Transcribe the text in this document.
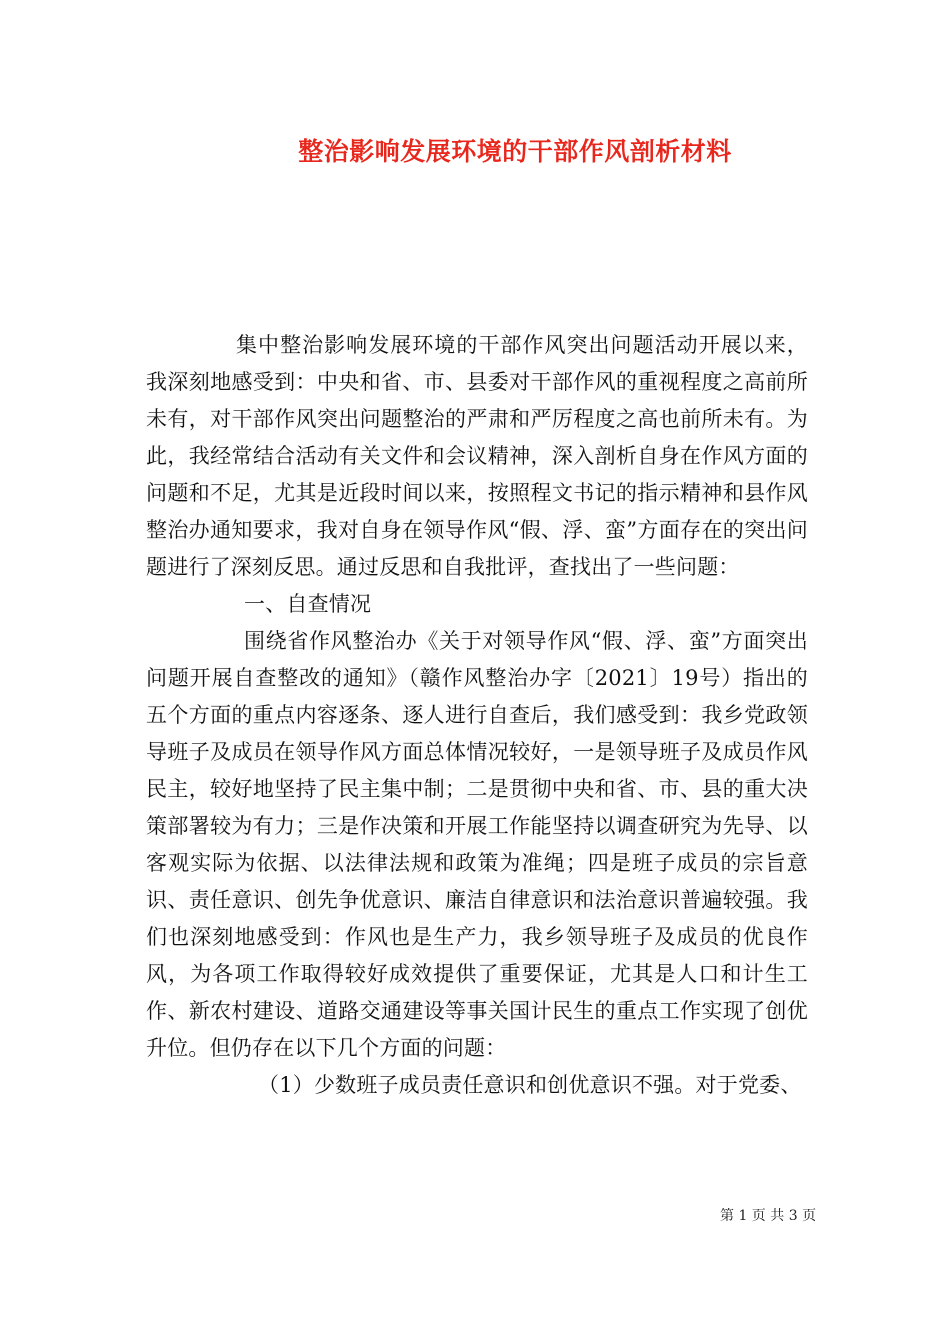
整治影响发展环境的干部作风剖析材料

集中整治影响发展环境的干部作风突出问题活动开展以来，我深刻地感受到：中央和省、市、县委对干部作风的重视程度之高前所未有，对干部作风突出问题整治的严肃和严厉程度之高也前所未有。为此，我经常结合活动有关文件和会议精神，深入剖析自身在作风方面的问题和不足，尤其是近段时间以来，按照程文书记的指示精神和县作风整治办通知要求，我对自身在领导作风“假、浮、蛮”方面存在的突出问题进行了深刻反思。通过反思和自我批评，查找出了一些问题：

一、自查情况

围绕省作风整治办《关于对领导作风“假、浮、蛮”方面突出问题开展自查整改的通知》（赣作风整治办字〔2021〕19号）指出的五个方面的重点内容逐条、逐人进行自查后，我们感受到：我乡党政领导班子及成员在领导作风方面总体情况较好，一是领导班子及成员作风民主，较好地坚持了民主集中制；二是贯彻中央和省、市、县的重大决策部署较为有力；三是作决策和开展工作能坚持以调查研究为先导、以客观实际为依据、以法律法规和政策为准绳；四是班子成员的宗旨意识、责任意识、创先争优意识、廉洁自律意识和法治意识普遍较强。我们也深刻地感受到：作风也是生产力，我乡领导班子及成员的优良作风，为各项工作取得较好成效提供了重要保证，尤其是人口和计生工作、新农村建设、道路交通建设等事关国计民生的重点工作实现了创优升位。但仍存在以下几个方面的问题：

（1）少数班子成员责任意识和创优意识不强。对于党委、

第 1 页 共 3 页
